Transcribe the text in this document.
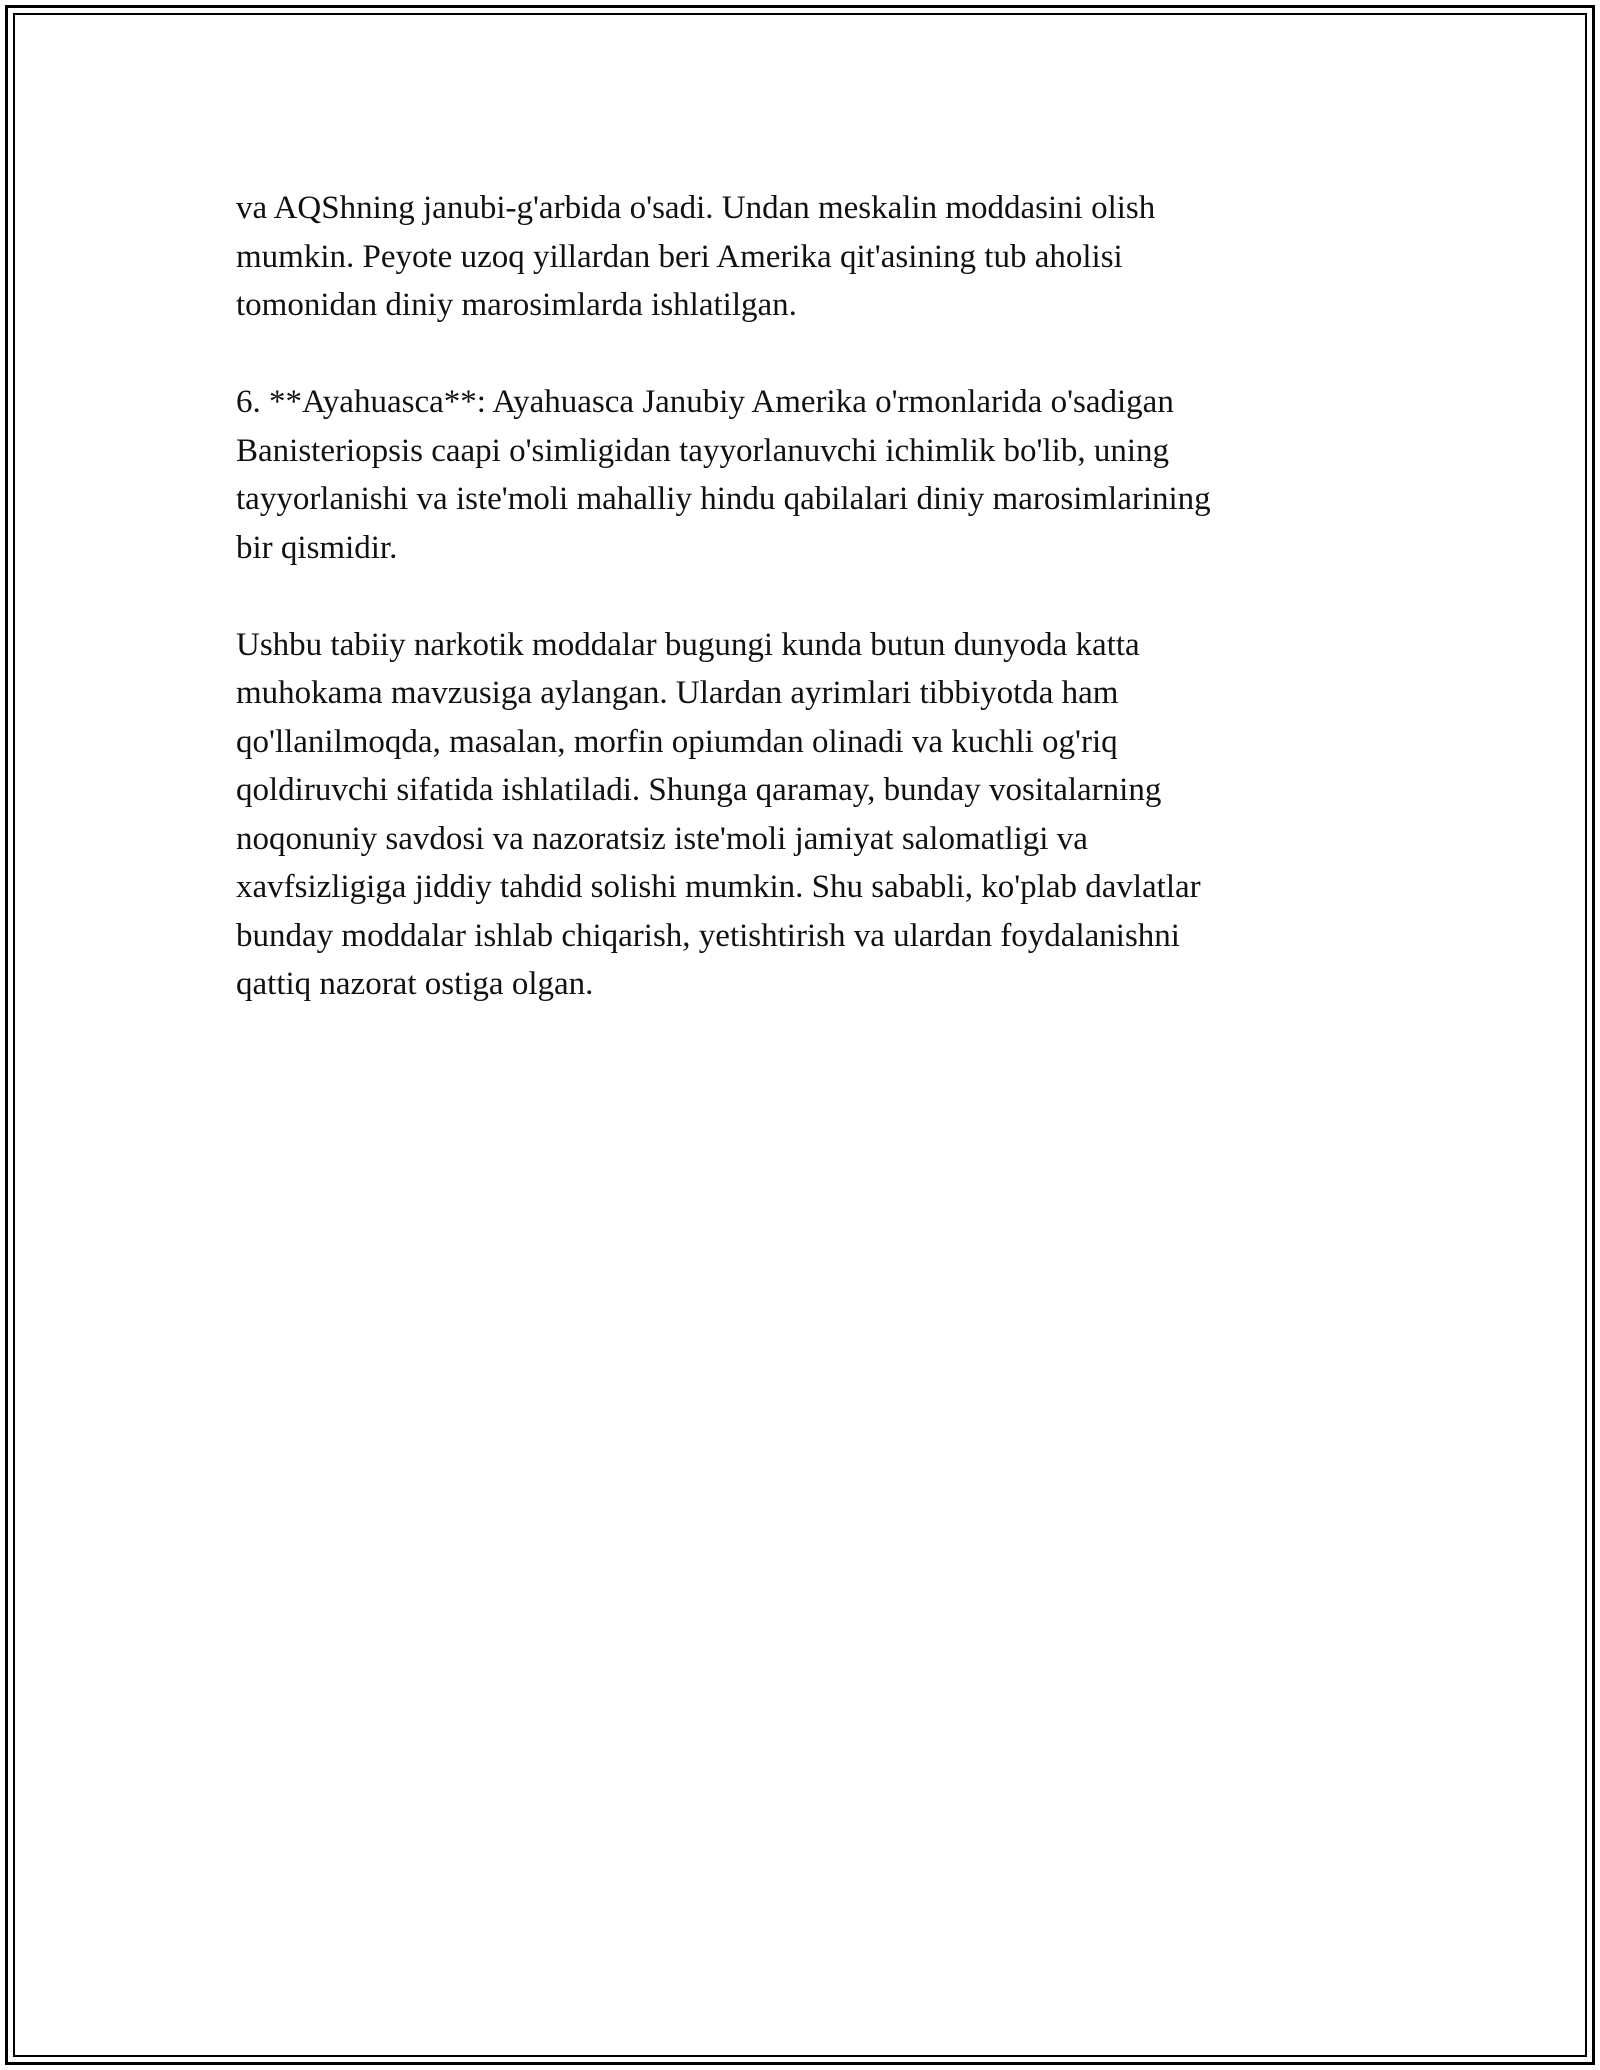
va AQShning janubi-g'arbida o'sadi. Undan meskalin moddasini olish
mumkin. Peyote uzoq yillardan beri Amerika qit'asining tub aholisi
tomonidan diniy marosimlarda ishlatilgan.

6. **Ayahuasca**: Ayahuasca Janubiy Amerika o'rmonlarida o'sadigan
Banisteriopsis caapi o'simligidan tayyorlanuvchi ichimlik bo'lib, uning
tayyorlanishi va iste'moli mahalliy hindu qabilalari diniy marosimlarining
bir qismidir.

Ushbu tabiiy narkotik moddalar bugungi kunda butun dunyoda katta
muhokama mavzusiga aylangan. Ulardan ayrimlari tibbiyotda ham
qo'llanilmoqda, masalan, morfin opiumdan olinadi va kuchli og'riq
qoldiruvchi sifatida ishlatiladi. Shunga qaramay, bunday vositalarning
noqonuniy savdosi va nazoratsiz iste'moli jamiyat salomatligi va
xavfsizligiga jiddiy tahdid solishi mumkin. Shu sababli, ko'plab davlatlar
bunday moddalar ishlab chiqarish, yetishtirish va ulardan foydalanishni
qattiq nazorat ostiga olgan.
